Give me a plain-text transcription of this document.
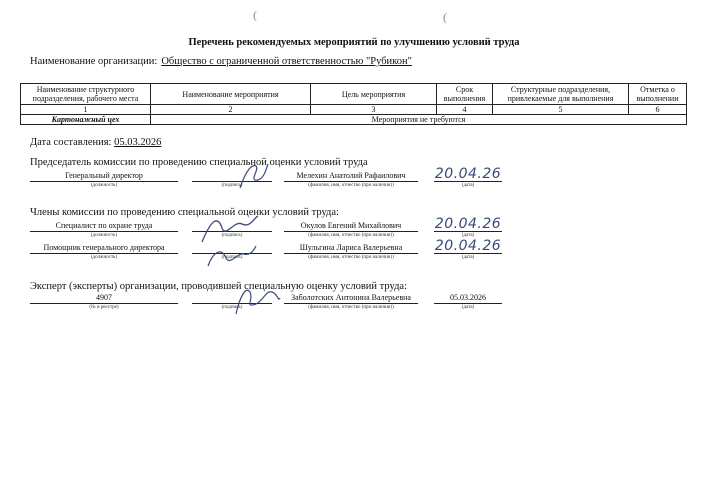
(	(
Перечень рекомендуемых мероприятий по улучшению условий труда
Наименование организации: Общество с ограниченной ответственностью "Рубикон"
Наименование структурного подразделения, рабочего места	Наименование мероприятия	Цель мероприятия	Срок выполнения	Структурные подразделения, привлекаемые для выполнения	Отметка о выполнении
1	2	3	4	5	6
Картонажный цех	Мероприятия не требуются				
Дата составления: 05.03.2026
Председатель комиссии по проведению специальной оценки условий труда
Генеральный директор
(должность)	(подпись)
Мелехин Анатолий Рафаилович
(фамилия, имя, отчество (при наличии))
20.04.26
(дата)
Члены комиссии по проведению специальной оценки условий труда:
Специалист по охране труда
(должность)	(подпись)
Окулов Евгений Михайлович
(фамилия, имя, отчество (при наличии))
20.04.26
(дата)
Помощник генерального директора
(должность)	(подпись)
Шульгина Лариса Валерьевна
(фамилия, имя, отчество (при наличии))
20.04.26
(дата)
Эксперт (эксперты) организации, проводившей специальную оценку условий труда:
4907
(№ в реестре)	(подпись)
Заболотских Антонина Валерьевна
(фамилия, имя, отчество (при наличии))
05.03.2026
(дата)
